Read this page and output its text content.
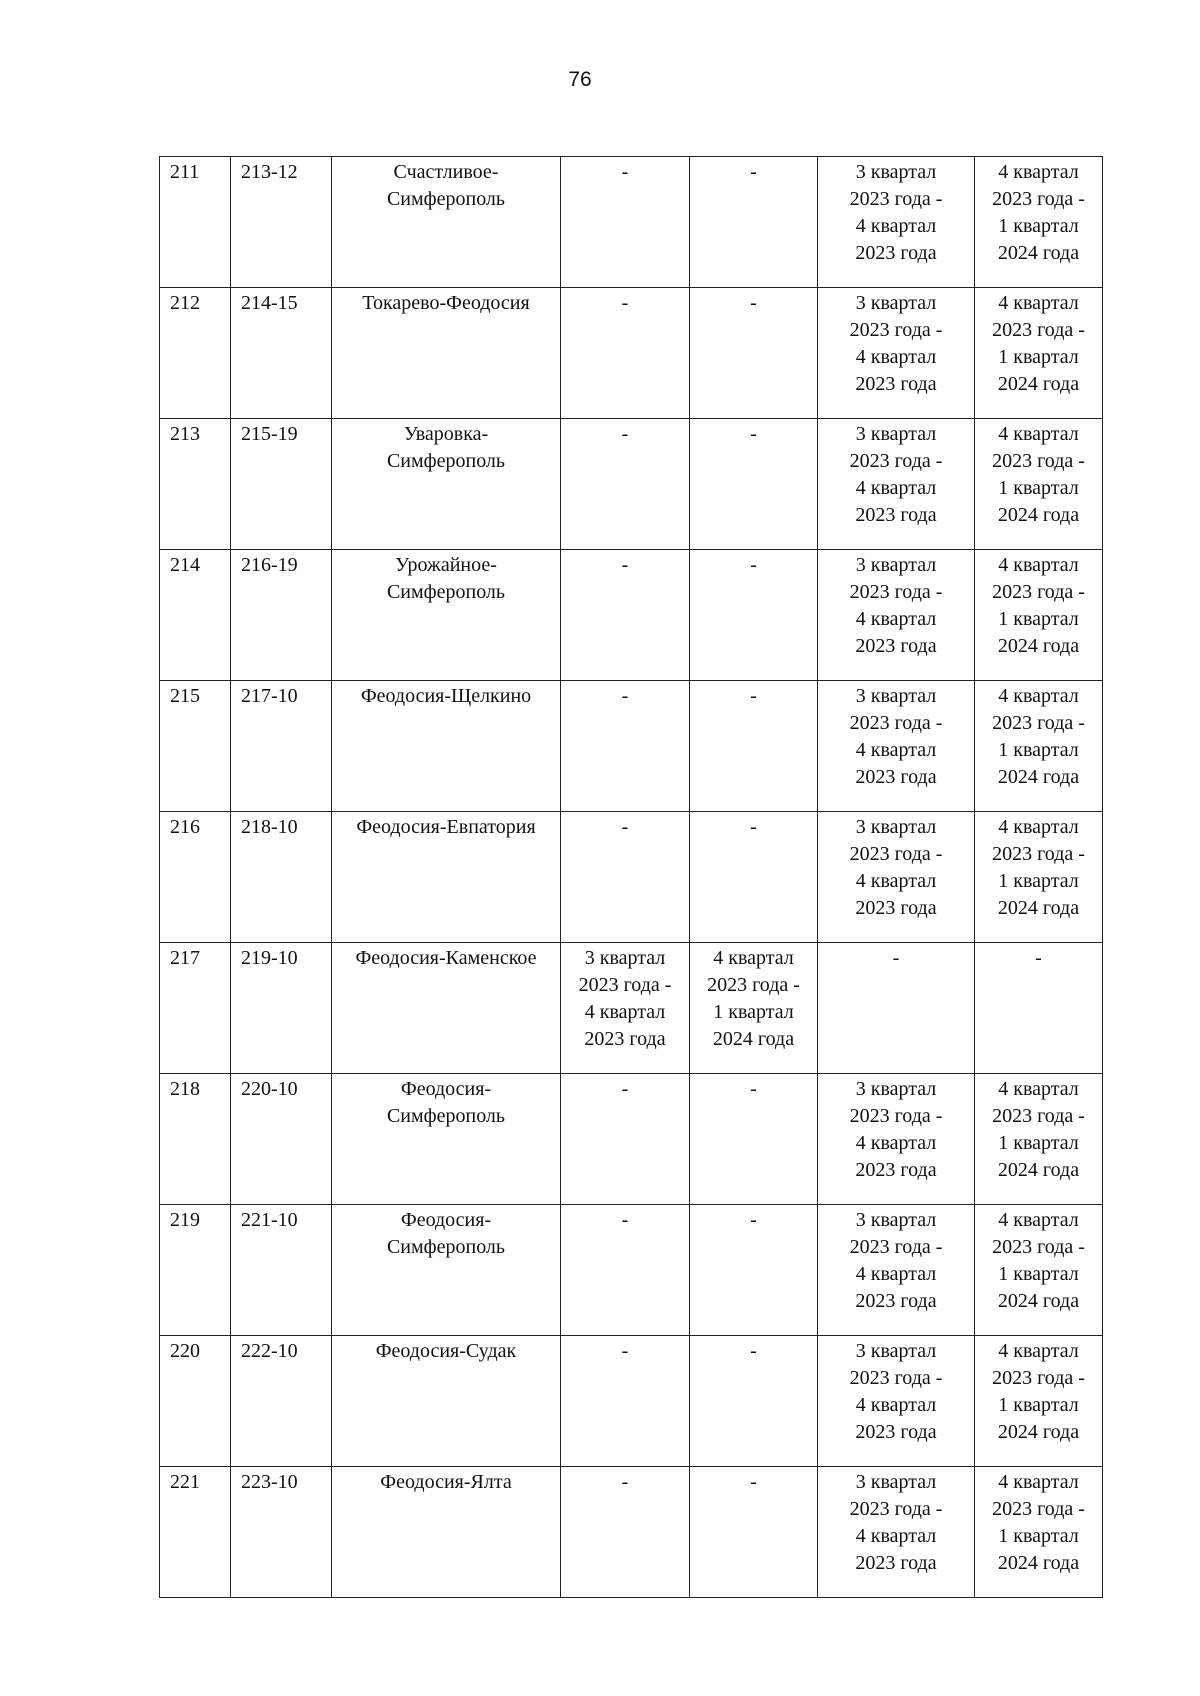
76
211	213-12	Счастливое-
Симферополь	-	-	3 квартал
2023 года -
4 квартал
2023 года	4 квартал
2023 года -
1 квартал
2024 года

212	214-15	Токарево-Феодосия	-	-	3 квартал
2023 года -
4 квартал
2023 года	4 квартал
2023 года -
1 квартал
2024 года

213	215-19	Уваровка-
Симферополь	-	-	3 квартал
2023 года -
4 квартал
2023 года	4 квартал
2023 года -
1 квартал
2024 года

214	216-19	Урожайное-
Симферополь	-	-	3 квартал
2023 года -
4 квартал
2023 года	4 квартал
2023 года -
1 квартал
2024 года

215	217-10	Феодосия-Щелкино	-	-	3 квартал
2023 года -
4 квартал
2023 года	4 квартал
2023 года -
1 квартал
2024 года

216	218-10	Феодосия-Евпатория	-	-	3 квартал
2023 года -
4 квартал
2023 года	4 квартал
2023 года -
1 квартал
2024 года

217	219-10	Феодосия-Каменское	3 квартал
2023 года -
4 квартал
2023 года	4 квартал
2023 года -
1 квартал
2024 года	-	-

218	220-10	Феодосия-
Симферополь	-	-	3 квартал
2023 года -
4 квартал
2023 года	4 квартал
2023 года -
1 квартал
2024 года

219	221-10	Феодосия-
Симферополь	-	-	3 квартал
2023 года -
4 квартал
2023 года	4 квартал
2023 года -
1 квартал
2024 года

220	222-10	Феодосия-Судак	-	-	3 квартал
2023 года -
4 квартал
2023 года	4 квартал
2023 года -
1 квартал
2024 года

221	223-10	Феодосия-Ялта	-	-	3 квартал
2023 года -
4 квартал
2023 года	4 квартал
2023 года -
1 квартал
2024 года
